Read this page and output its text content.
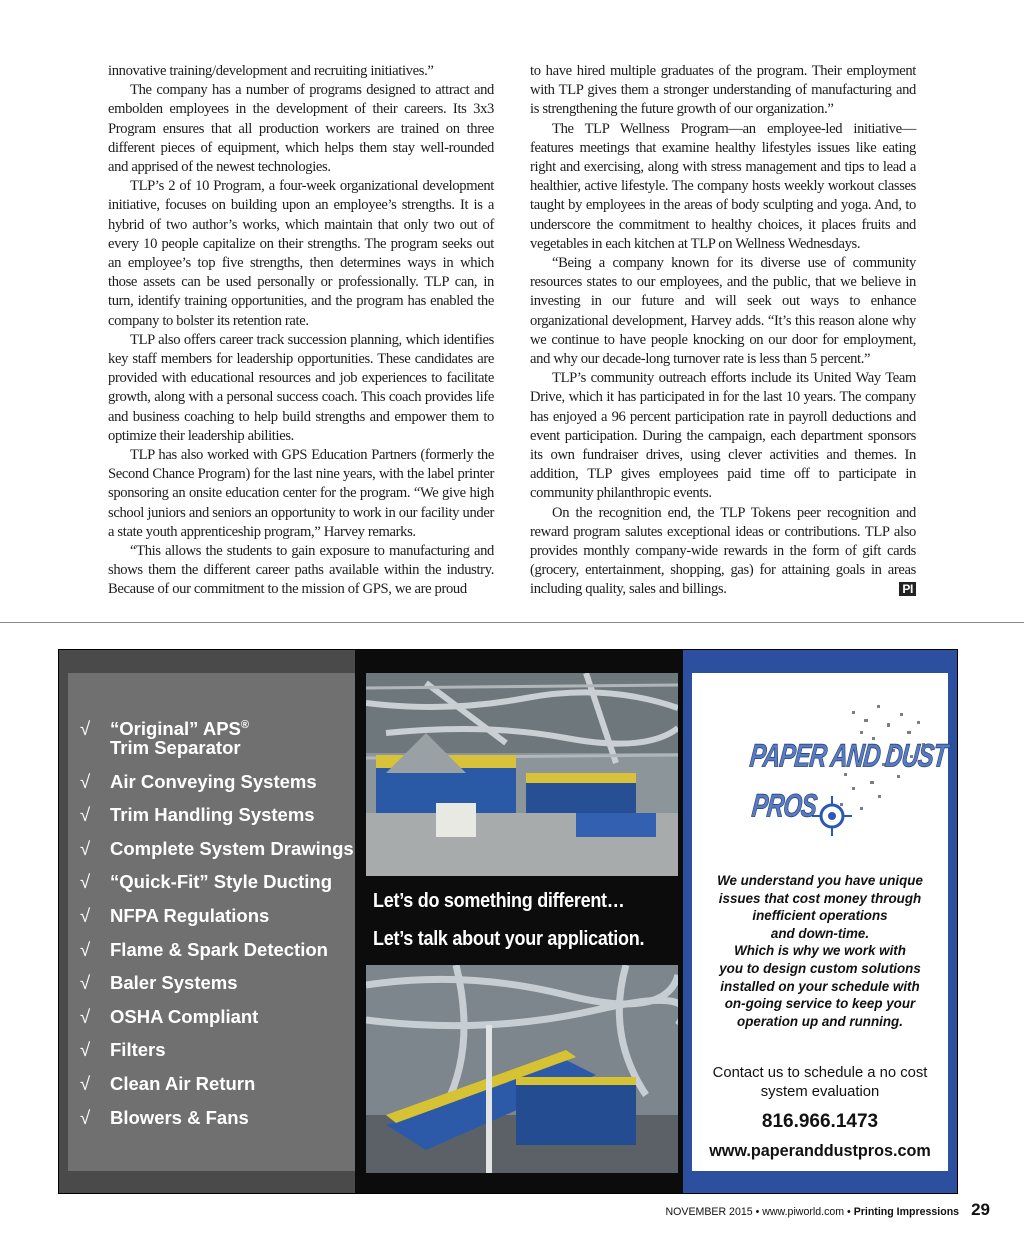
innovative training/development and recruiting initiatives.”

The company has a number of programs designed to attract and embolden employees in the development of their careers. Its 3x3 Program ensures that all production workers are trained on three different pieces of equipment, which helps them stay well-rounded and apprised of the newest technologies.

TLP’s 2 of 10 Program, a four-week organizational development initiative, focuses on building upon an employee’s strengths. It is a hybrid of two author’s works, which maintain that only two out of every 10 people capitalize on their strengths. The program seeks out an employee’s top five strengths, then determines ways in which those assets can be used personally or professionally. TLP can, in turn, identify training opportunities, and the program has enabled the company to bolster its retention rate.

TLP also offers career track succession planning, which identifies key staff members for leadership opportunities. These candidates are provided with educational resources and job experiences to facilitate growth, along with a personal success coach. This coach provides life and business coaching to help build strengths and empower them to optimize their leadership abilities.

TLP has also worked with GPS Education Partners (formerly the Second Chance Program) for the last nine years, with the label printer sponsoring an onsite education center for the program. “We give high school juniors and seniors an opportunity to work in our facility under a state youth apprenticeship program,” Harvey remarks.

“This allows the students to gain exposure to manufacturing and shows them the different career paths available within the industry. Because of our commitment to the mission of GPS, we are proud

to have hired multiple graduates of the program. Their employment with TLP gives them a stronger understanding of manufacturing and is strengthening the future growth of our organization.”

The TLP Wellness Program—an employee-led initiative—features meetings that examine healthy lifestyles issues like eating right and exercising, along with stress management and tips to lead a healthier, active lifestyle. The company hosts weekly workout classes taught by employees in the areas of body sculpting and yoga. And, to underscore the commitment to healthy choices, it places fruits and vegetables in each kitchen at TLP on Wellness Wednesdays.

“Being a company known for its diverse use of community resources states to our employees, and the public, that we believe in investing in our future and will seek out ways to enhance organizational development, Harvey adds. “It’s this reason alone why we continue to have people knocking on our door for employment, and why our decade-long turnover rate is less than 5 percent.”

TLP’s community outreach efforts include its United Way Team Drive, which it has participated in for the last 10 years. The company has enjoyed a 96 percent participation rate in payroll deductions and event participation. During the campaign, each department sponsors its own fundraiser drives, using clever activities and themes. In addition, TLP gives employees paid time off to participate in community philanthropic events.

On the recognition end, the TLP Tokens peer recognition and reward program salutes exceptional ideas or contributions. TLP also provides monthly company-wide rewards in the form of gift cards (grocery, entertainment, shopping, gas) for attaining goals in areas including quality, sales and billings.	PI

√ “Original” APS®
Trim Separator
√ Air Conveying Systems
√ Trim Handling Systems
√ Complete System Drawings
√ “Quick-Fit” Style Ducting
√ NFPA Regulations
√ Flame & Spark Detection
√ Baler Systems
√ OSHA Compliant
√ Filters
√ Clean Air Return
√ Blowers & Fans
Let’s do something different…
Let’s talk about your application.
PAPER AND DUST
PROS

We understand you have unique

issues that cost money through

inefficient operations

and down-time.

Which is why we work with

you to design custom solutions

installed on your schedule with

on-going service to keep your

operation up and running.

Contact us to schedule a no cost system evaluation
816.966.1473
www.paperanddustpros.com
NOVEMBER 2015
•
www.piworld.com
•
Printing Impressions 29
